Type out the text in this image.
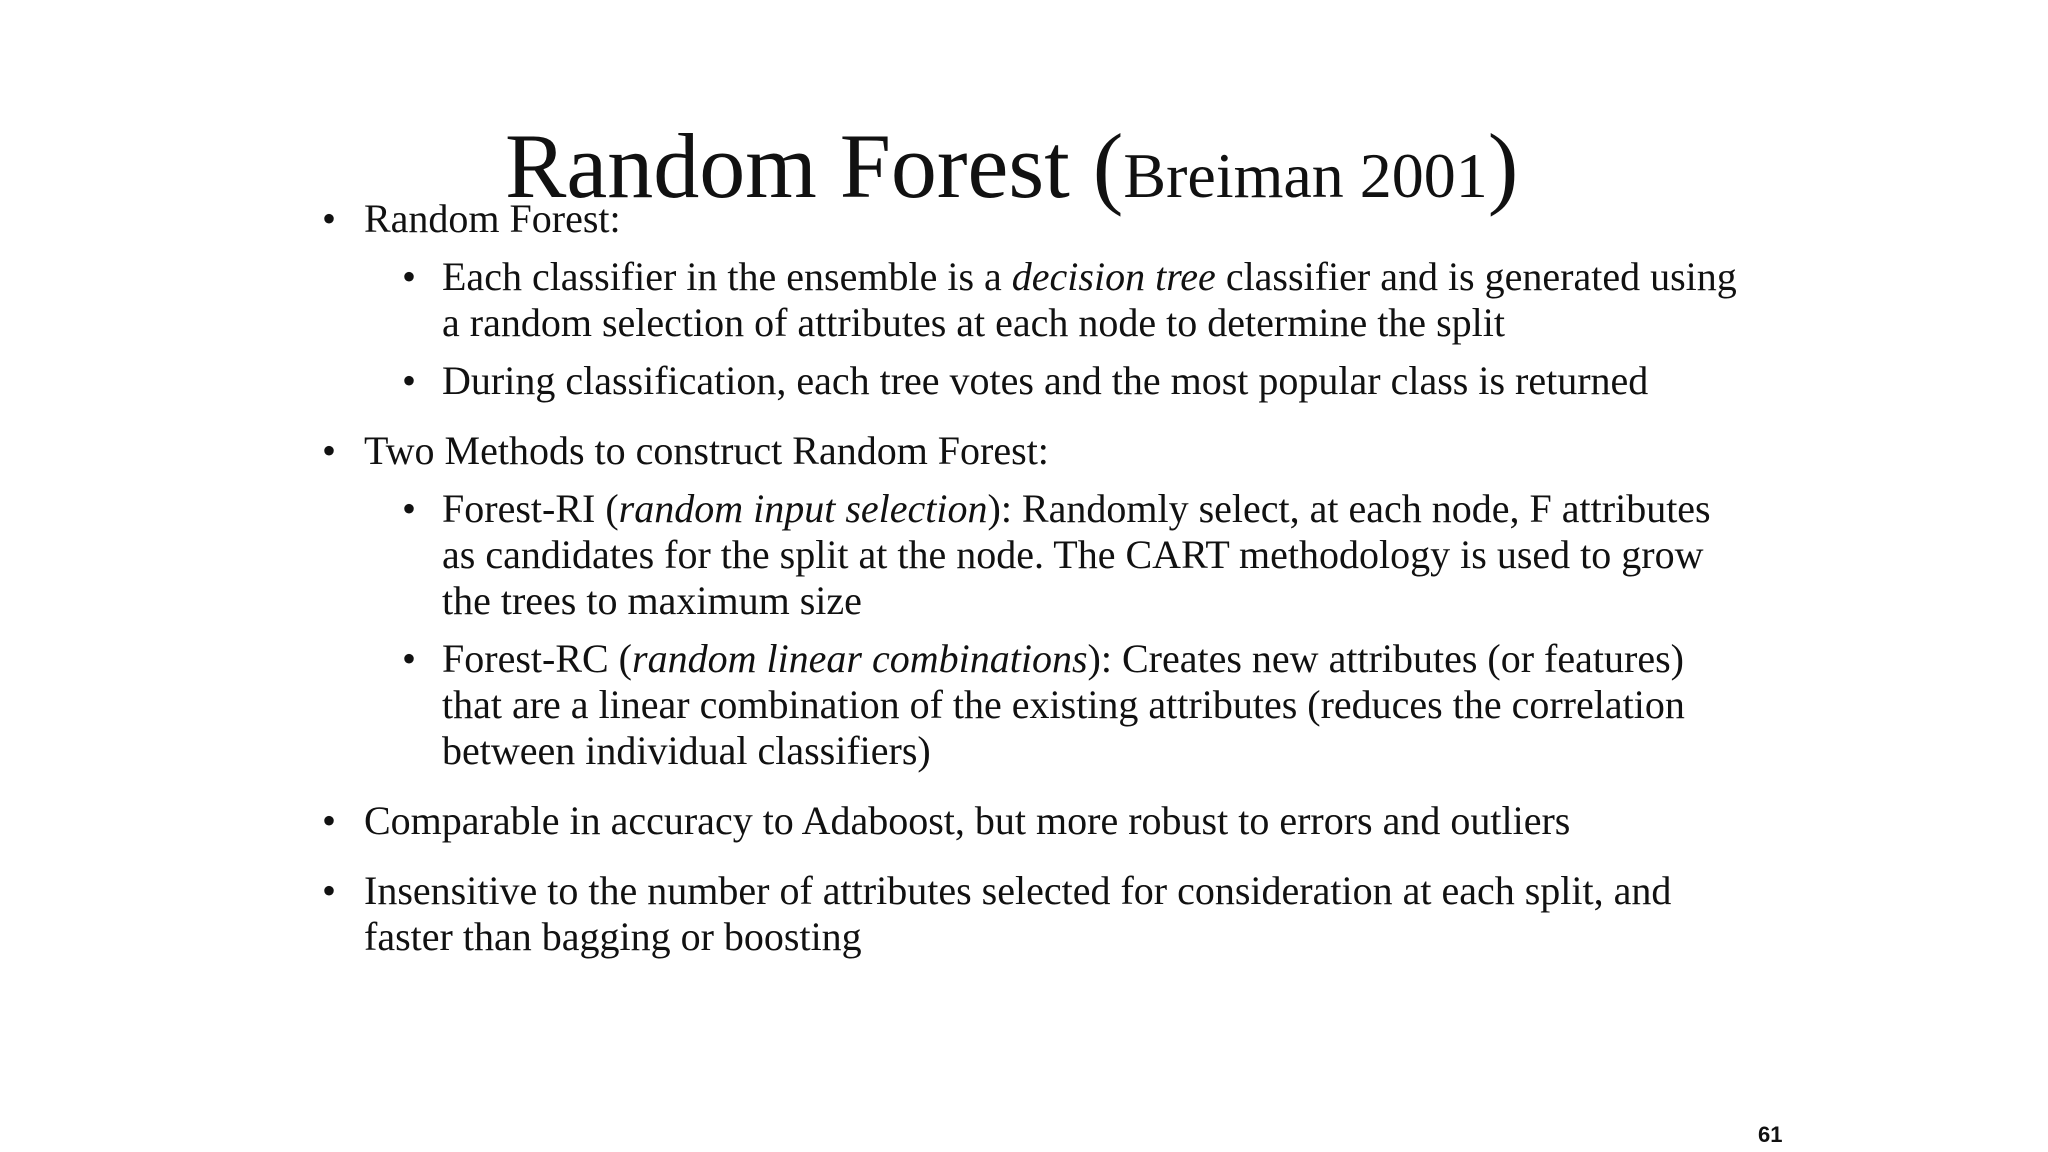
Random Forest (Breiman 2001)
• Random Forest:
• Each classifier in the ensemble is a decision tree classifier and is generated using a random selection of attributes at each node to determine the split
• During classification, each tree votes and the most popular class is returned
• Two Methods to construct Random Forest:
• Forest-RI (random input selection): Randomly select, at each node, F attributes as candidates for the split at the node. The CART methodology is used to grow the trees to maximum size
• Forest-RC (random linear combinations): Creates new attributes (or features) that are a linear combination of the existing attributes (reduces the correlation between individual classifiers)
• Comparable in accuracy to Adaboost, but more robust to errors and outliers
• Insensitive to the number of attributes selected for consideration at each split, and faster than bagging or boosting
61
